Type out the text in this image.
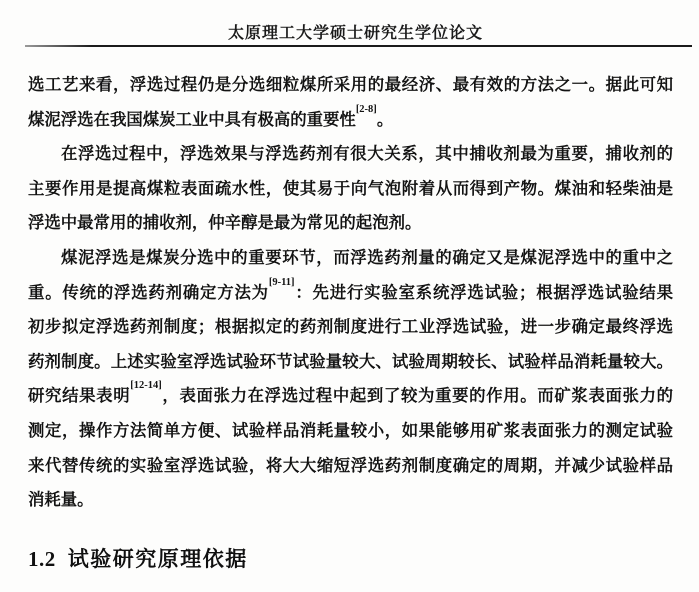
太原理工大学硕士研究生学位论文
选工艺来看，浮选过程仍是分选细粒煤所采用的最经济、最有效的方法之一。据此可知
煤泥浮选在我国煤炭工业中具有极高的重要性[2-8]。
在浮选过程中，浮选效果与浮选药剂有很大关系，其中捕收剂最为重要，捕收剂的
主要作用是提高煤粒表面疏水性，使其易于向气泡附着从而得到产物。煤油和轻柴油是
浮选中最常用的捕收剂，仲辛醇是最为常见的起泡剂。
煤泥浮选是煤炭分选中的重要环节，而浮选药剂量的确定又是煤泥浮选中的重中之
重。传统的浮选药剂确定方法为[9-11]：先进行实验室系统浮选试验；根据浮选试验结果
初步拟定浮选药剂制度；根据拟定的药剂制度进行工业浮选试验，进一步确定最终浮选
药剂制度。上述实验室浮选试验环节试验量较大、试验周期较长、试验样品消耗量较大。
研究结果表明[12-14]，表面张力在浮选过程中起到了较为重要的作用。而矿浆表面张力的
测定，操作方法简单方便、试验样品消耗量较小，如果能够用矿浆表面张力的测定试验
来代替传统的实验室浮选试验，将大大缩短浮选药剂制度确定的周期，并减少试验样品
消耗量。
1.2 试验研究原理依据
